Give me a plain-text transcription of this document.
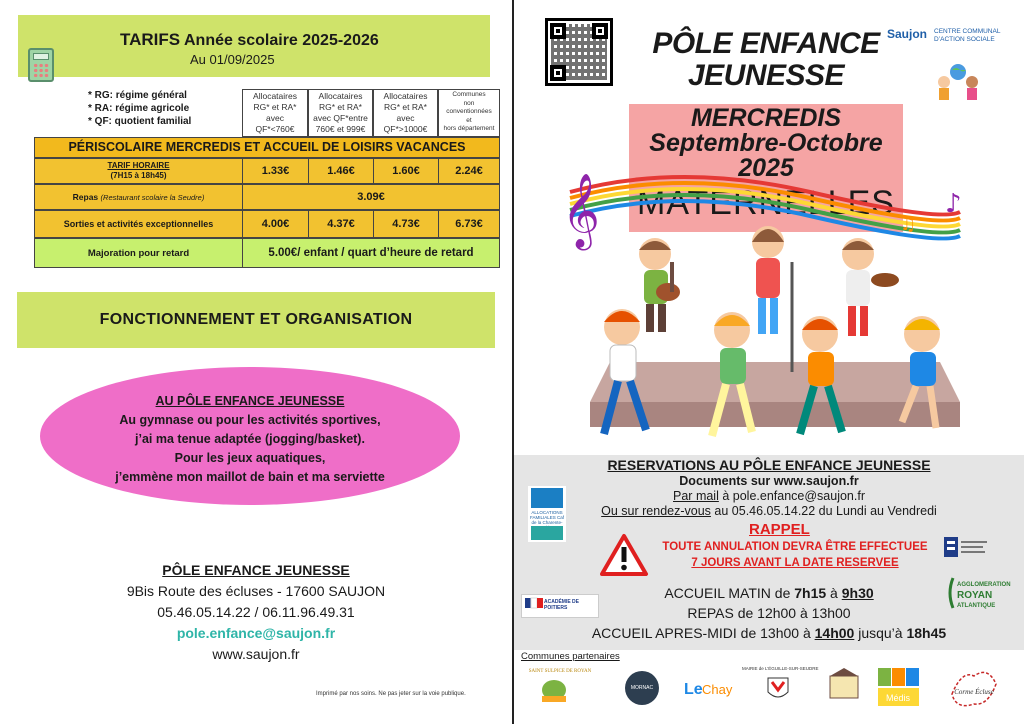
TARIFS Année scolaire 2025-2026
Au 01/09/2025
* RG: régime général
* RA: régime agricole
* QF: quotient familial
Allocataires
RG* et RA*
avec
QF*<760€
Allocataires
RG* et RA*
avec QF*entre
760€ et 999€
Allocataires
RG* et RA*
avec
QF*>1000€
Communes
non
conventionnées
et
hors département
PÉRISCOLAIRE MERCREDIS ET ACCUEIL DE LOISIRS VACANCES
TARIF HORAIRE
(7H15 à 18h45)	1.33€	1.46€	1.60€	2.24€
Repas
(Restaurant scolaire la Seudre)	3.09€
Sorties et activités exceptionnelles	4.00€	4.37€	4.73€	6.73€
Majoration pour retard	5.00€/ enfant / quart d’heure de retard
FONCTIONNEMENT ET ORGANISATION
AU PÔLE ENFANCE JEUNESSE
Au gymnase ou pour les activités sportives,
j’ai ma tenue adaptée (jogging/basket).
Pour les jeux aquatiques,
j’emmène mon maillot de bain et ma serviette
PÔLE ENFANCE JEUNESSE
9Bis Route des écluses - 17600 SAUJON
05.46.05.14.22 / 06.11.96.49.31
pole.enfance@saujon.fr
www.saujon.fr
Imprimé par nos soins. Ne pas jeter sur la voie publique.
PÔLE ENFANCE
JEUNESSE
Saujon CENTRE COMMUNAL
D’ACTION SOCIALE
MERCREDIS
Septembre-Octobre
2025
MATERNELLES
𝄞	♪
♫
RESERVATIONS AU PÔLE ENFANCE JEUNESSE
Documents sur www.saujon.fr
Par mail à pole.enfance@saujon.fr
Ou sur rendez-vous au 05.46.05.14.22 du Lundi au Vendredi
ALLOCATIONS FAMILIALES Caf de la Charente-	RAPPEL
TOUTE ANNULATION DEVRA ÊTRE EFFECTUEE
7 JOURS AVANT LA DATE RESERVEE
ACCUEIL MATIN de 7h15 à 9h30
REPAS de 12h00 à 13h00
ACCUEIL APRES-MIDI de 13h00 à 14h00 jusqu’à 18h45
ACADÉMIE DE POITIERS
AGGLOMERATION
ROYAN
ATLANTIQUE
Communes partenaires
SAINT SULPICE DE ROYAN
MORNAC Le Chay
MAIRIE de L’ÉGUILLE-SUR-SEUDRE
Médis
Corme Écluse
